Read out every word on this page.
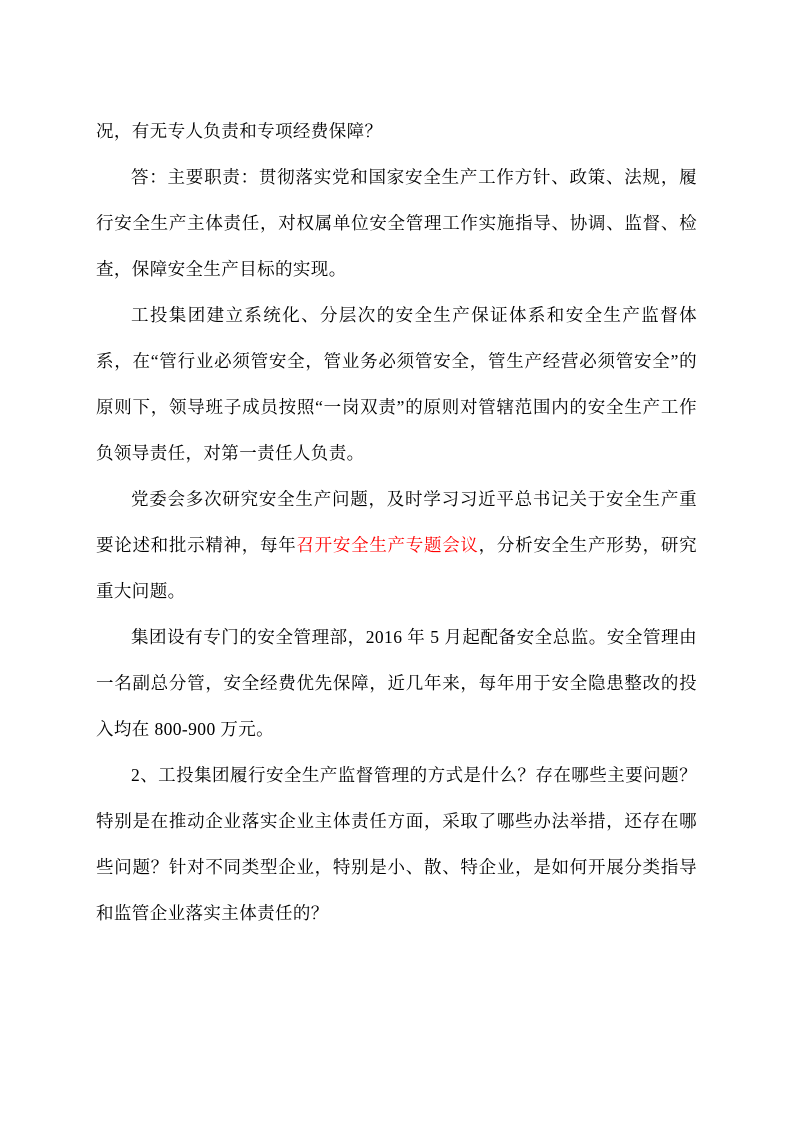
况，有无专人负责和专项经费保障？

答：主要职责：贯彻落实党和国家安全生产工作方针、政策、法规，履行安全生产主体责任，对权属单位安全管理工作实施指导、协调、监督、检查，保障安全生产目标的实现。

工投集团建立系统化、分层次的安全生产保证体系和安全生产监督体系，在“管行业必须管安全，管业务必须管安全，管生产经营必须管安全”的原则下，领导班子成员按照“一岗双责”的原则对管辖范围内的安全生产工作负领导责任，对第一责任人负责。

党委会多次研究安全生产问题，及时学习习近平总书记关于安全生产重要论述和批示精神，每年召开安全生产专题会议，分析安全生产形势，研究重大问题。

集团设有专门的安全管理部，2016 年 5 月起配备安全总监。安全管理由一名副总分管，安全经费优先保障，近几年来，每年用于安全隐患整改的投入均在 800-900 万元。

2、工投集团履行安全生产监督管理的方式是什么？存在哪些主要问题？特别是在推动企业落实企业主体责任方面，采取了哪些办法举措，还存在哪些问题？针对不同类型企业，特别是小、散、特企业，是如何开展分类指导和监管企业落实主体责任的？
